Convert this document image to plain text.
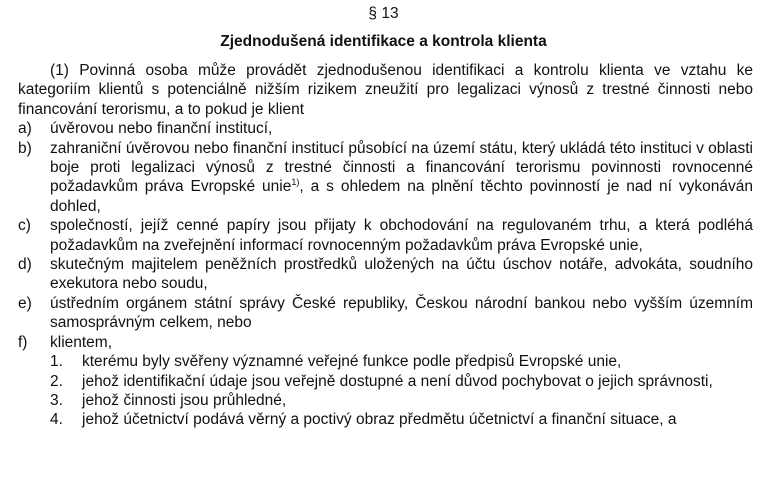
§ 13
Zjednodušená identifikace a kontrola klienta

(1) Povinná osoba může provádět zjednodušenou identifikaci a kontrolu klienta ve vztahu ke kategoriím klientů s potenciálně nižším rizikem zneužití pro legalizaci výnosů z trestné činnosti nebo financování terorismu, a to pokud je klient

a)	úvěrovou nebo finanční institucí,
b)	zahraniční úvěrovou nebo finanční institucí působící na území státu, který ukládá této instituci v oblasti boje proti legalizaci výnosů z trestné činnosti a financování terorismu povinnosti rovnocenné požadavkům práva Evropské unie$^{1)}$, a s ohledem na plnění těchto povinností je nad ní vykonáván dohled,
c)	společností, jejíž cenné papíry jsou přijaty k obchodování na regulovaném trhu, a která podléhá požadavkům na zveřejnění informací rovnocenným požadavkům práva Evropské unie,
d)	skutečným majitelem peněžních prostředků uložených na účtu úschov notáře, advokáta, soudního exekutora nebo soudu,
e)	ústředním orgánem státní správy České republiky, Českou národní bankou nebo vyšším územním samosprávným celkem, nebo
f)	klientem,
1.	kterému byly svěřeny významné veřejné funkce podle předpisů Evropské unie,
2.	jehož identifikační údaje jsou veřejně dostupné a není důvod pochybovat o jejich správnosti,
3.	jehož činnosti jsou průhledné,
4.	jehož účetnictví podává věrný a poctivý obraz předmětu účetnictví a finanční situace, a
